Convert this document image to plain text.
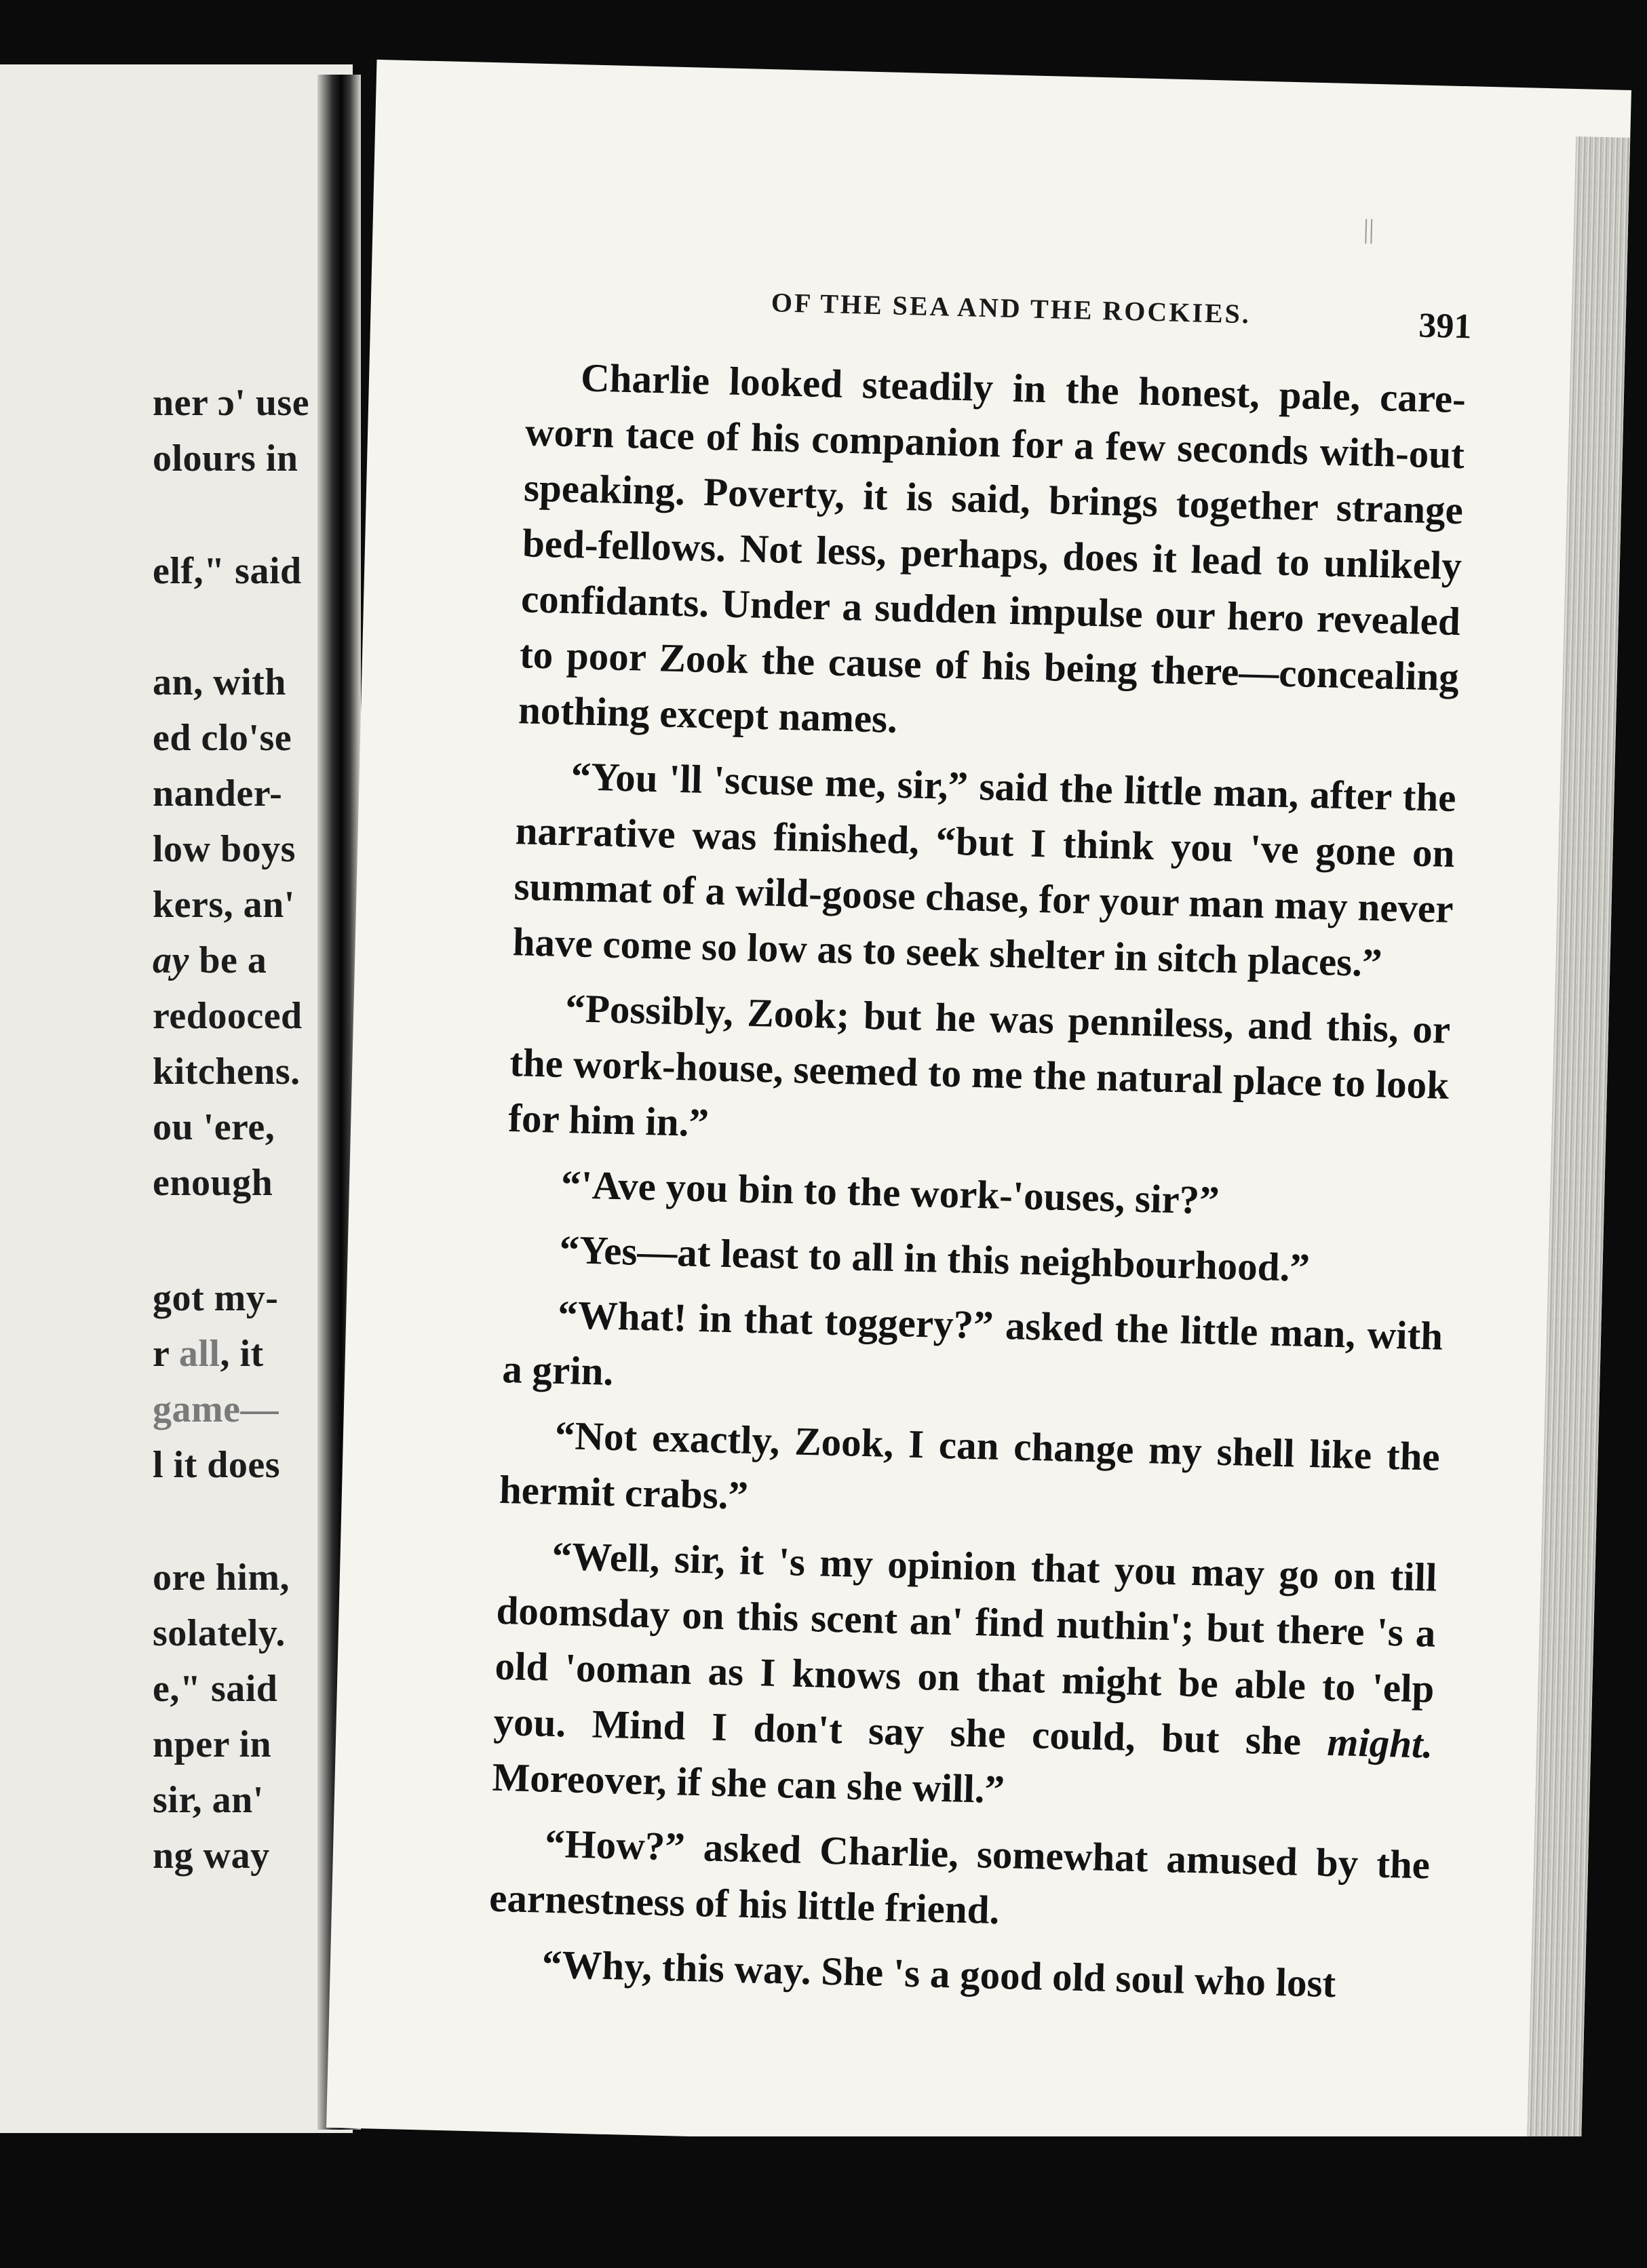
ner ɔ' use
olours in
elf," said
an, with
ed clo'se
nander-
low boys
kers, an'
ay be a
redooced
kitchens.
ou 'ere,
enough
got my-
r all, it
game—
l it does
ore him,
solately.
e," said
nper in
sir, an'
ng way
||
OF THE SEA AND THE ROCKIES.	391

Charlie looked steadily in the honest, pale, care-worn tace of his companion for a few seconds with-out speaking. Poverty, it is said, brings together strange bed-fellows. Not less, perhaps, does it lead to unlikely confidants. Under a sudden impulse our hero revealed to poor Zook the cause of his being there—concealing nothing except names.

“You 'll 'scuse me, sir,” said the little man, after the narrative was finished, “but I think you 've gone on summat of a wild-goose chase, for your man may never have come so low as to seek shelter in sitch places.”

“Possibly, Zook; but he was penniless, and this, or the work-house, seemed to me the natural place to look for him in.”

“'Ave you bin to the work-'ouses, sir?”

“Yes—at least to all in this neighbourhood.”

“What! in that toggery?” asked the little man, with a grin.

“Not exactly, Zook, I can change my shell like the hermit crabs.”

“Well, sir, it 's my opinion that you may go on till doomsday on this scent an' find nuthin'; but there 's a old 'ooman as I knows on that might be able to 'elp you. Mind I don't say she could, but she might. Moreover, if she can she will.”

“How?” asked Charlie, somewhat amused by the earnestness of his little friend.

“Why, this way. She 's a good old soul who lost
